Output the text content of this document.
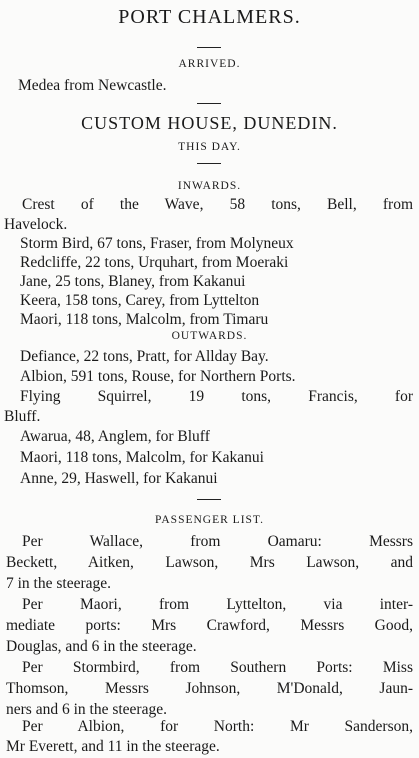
PORT CHALMERS.
ARRIVED.
Medea from Newcastle.
CUSTOM HOUSE, DUNEDIN.
THIS DAY.
INWARDS.
Crest of the Wave, 58 tons, Bell, from
Havelock.
Storm Bird, 67 tons, Fraser, from Molyneux
Redcliffe, 22 tons, Urquhart, from Moeraki
Jane, 25 tons, Blaney, from Kakanui
Keera, 158 tons, Carey, from Lyttelton
Maori, 118 tons, Malcolm, from Timaru
OUTWARDS.
Defiance, 22 tons, Pratt, for Allday Bay.
Albion, 591 tons, Rouse, for Northern Ports.
Flying Squirrel, 19 tons, Francis, for
Bluff.
Awarua, 48, Anglem, for Bluff
Maori, 118 tons, Malcolm, for Kakanui
Anne, 29, Haswell, for Kakanui
PASSENGER LIST.
Per Wallace, from Oamaru: Messrs
Beckett, Aitken, Lawson, Mrs Lawson, and
7 in the steerage.
Per Maori, from Lyttelton, via inter-
mediate ports: Mrs Crawford, Messrs Good,
Douglas, and 6 in the steerage.
Per Stormbird, from Southern Ports: Miss
Thomson, Messrs Johnson, M'Donald, Jaun-
ners and 6 in the steerage.
Per Albion, for North: Mr Sanderson,
Mr Everett, and 11 in the steerage.
